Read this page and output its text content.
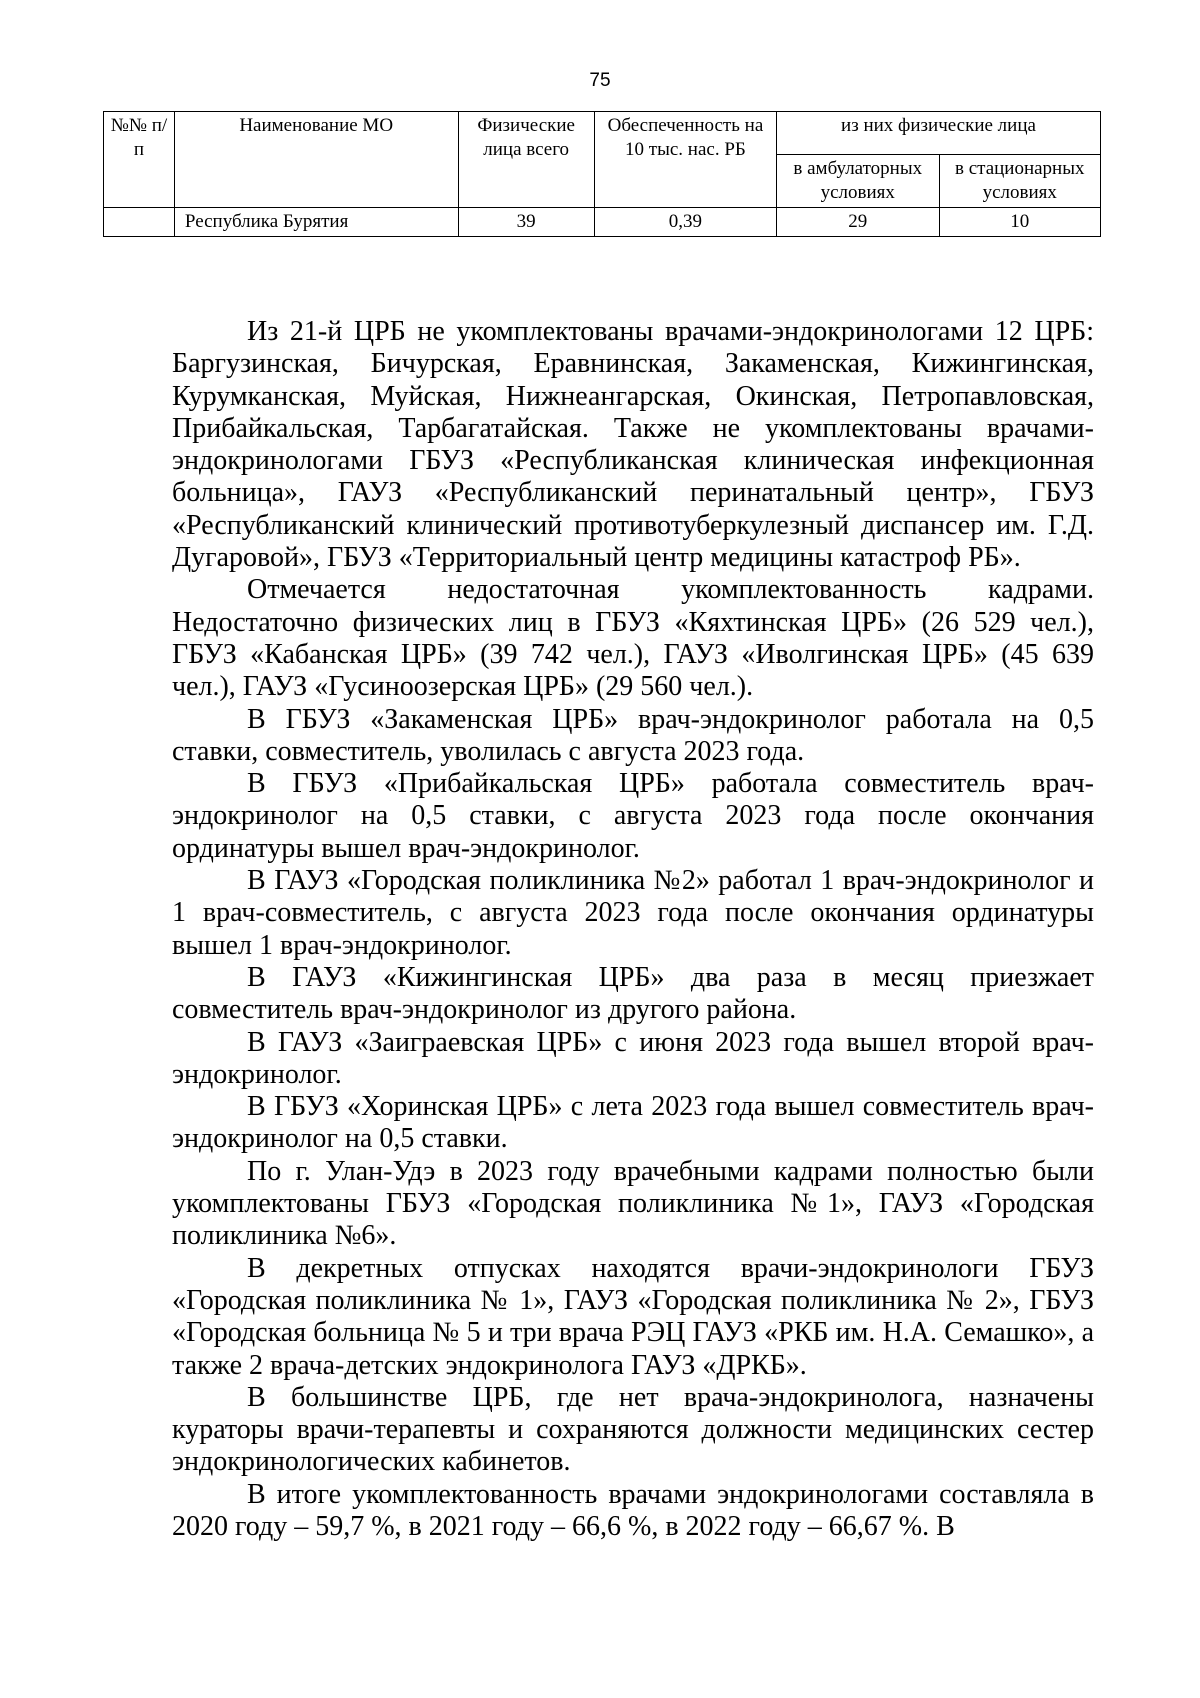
75
№№ п/п	Наименование МО	Физические лица всего	Обеспеченность на 10 тыс. нас. РБ	из них физические лица	
				в амбулаторных условиях	в стационарных условиях
	Республика Бурятия	39	0,39	29	10

Из 21-й ЦРБ не укомплектованы врачами-эндокринологами 12 ЦРБ: Баргузинская, Бичурская, Еравнинская, Закаменская, Кижингинская, Курумканская, Муйская, Нижнеангарская, Окинская, Петропавловская, Прибайкальская, Тарбагатайская. Также не укомплектованы врачами-эндокринологами ГБУЗ «Республиканская клиническая инфекционная больница», ГАУЗ «Республиканский перинатальный центр», ГБУЗ «Республиканский клинический противотуберкулезный диспансер им. Г.Д. Дугаровой», ГБУЗ «Территориальный центр медицины катастроф РБ».

Отмечается недостаточная укомплектованность кадрами. Недостаточно физических лиц в ГБУЗ «Кяхтинская ЦРБ» (26 529 чел.), ГБУЗ «Кабанская ЦРБ» (39 742 чел.), ГАУЗ «Иволгинская ЦРБ» (45 639 чел.), ГАУЗ «Гусиноозерская ЦРБ» (29 560 чел.).

В ГБУЗ «Закаменская ЦРБ» врач-эндокринолог работала на 0,5 ставки, совместитель, уволилась с августа 2023 года.

В ГБУЗ «Прибайкальская ЦРБ» работала совместитель врач-эндокринолог на 0,5 ставки, с августа 2023 года после окончания ординатуры вышел врач-эндокринолог.

В ГАУЗ «Городская поликлиника №2» работал 1 врач-эндокринолог и 1 врач-совместитель, с августа 2023 года после окончания ординатуры вышел 1 врач-эндокринолог.

В ГАУЗ «Кижингинская ЦРБ» два раза в месяц приезжает совместитель врач-эндокринолог из другого района.

В ГАУЗ «Заиграевская ЦРБ» с июня 2023 года вышел второй врач-эндокринолог.

В ГБУЗ «Хоринская ЦРБ» с лета 2023 года вышел совместитель врач-эндокринолог на 0,5 ставки.

По г. Улан-Удэ в 2023 году врачебными кадрами полностью были укомплектованы ГБУЗ «Городская поликлиника №1», ГАУЗ «Городская поликлиника №6».

В декретных отпусках находятся врачи-эндокринологи ГБУЗ «Городская поликлиника № 1», ГАУЗ «Городская поликлиника № 2», ГБУЗ «Городская больница № 5 и три врача РЭЦ ГАУЗ «РКБ им. Н.А. Семашко», а также 2 врача-детских эндокринолога ГАУЗ «ДРКБ».

В большинстве ЦРБ, где нет врача-эндокринолога, назначены кураторы врачи-терапевты и сохраняются должности медицинских сестер эндокринологических кабинетов.

В итоге укомплектованность врачами эндокринологами составляла в 2020 году – 59,7 %, в 2021 году – 66,6 %, в 2022 году – 66,67 %. В
